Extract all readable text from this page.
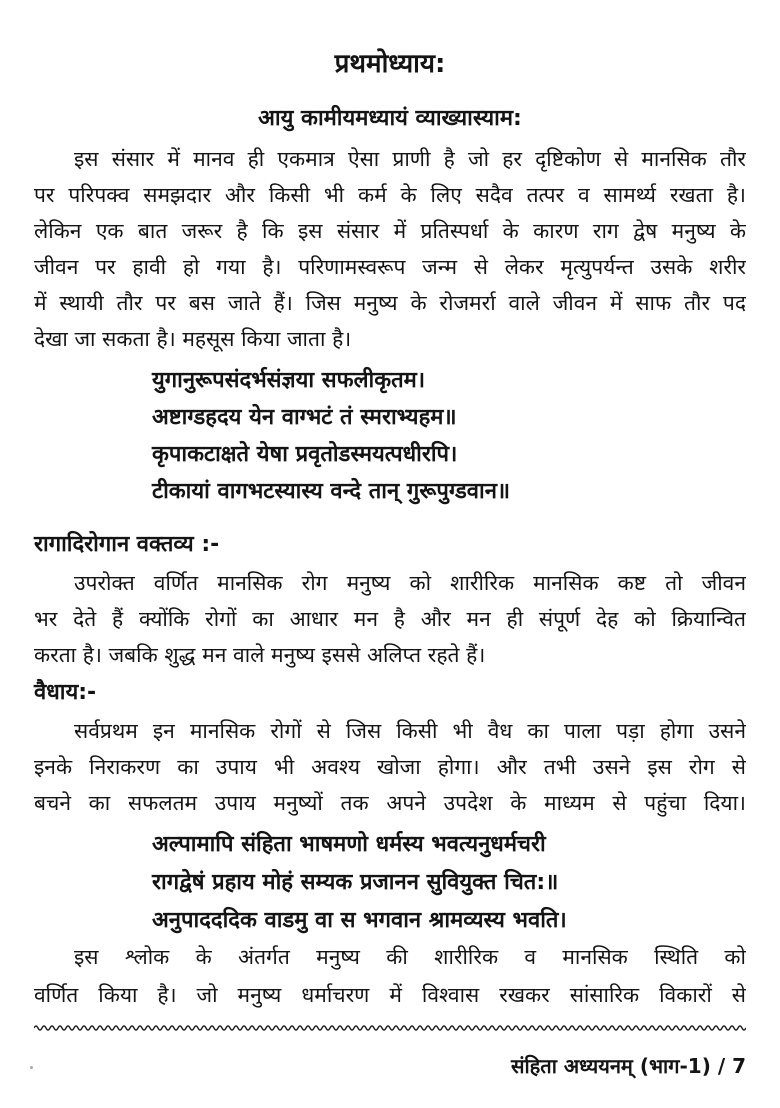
प्रथमोध्याय:
आयु कामीयमध्यायं व्याख्यास्याम:
इस संसार में मानव ही एकमात्र ऐसा प्राणी है जो हर दृष्टिकोण से मानसिक तौर
पर परिपक्व समझदार और किसी भी कर्म के लिए सदैव तत्पर व सामर्थ्य रखता है।
लेकिन एक बात जरूर है कि इस संसार में प्रतिस्पर्धा के कारण राग द्वेष मनुष्य के
जीवन पर हावी हो गया है। परिणामस्वरूप जन्म से लेकर मृत्युपर्यन्त उसके शरीर
में स्थायी तौर पर बस जाते हैं। जिस मनुष्य के रोजमर्रा वाले जीवन में साफ तौर पद
देखा जा सकता है। महसूस किया जाता है।
युगानुरूपसंदर्भसंज्ञया सफलीकृतम।
अष्टाग्डहदय येन वाग्भटं तं स्मराभ्यहम॥
कृपाकटाक्षते येषा प्रवृतोडस्मयत्पधीरपि।
टीकायां वागभटस्यास्य वन्दे तान् गुरूपुग्डवान॥
रागादिरोगान वक्तव्य :-
उपरोक्त वर्णित मानसिक रोग मनुष्य को शारीरिक मानसिक कष्ट तो जीवन
भर देते हैं क्योंकि रोगों का आधार मन है और मन ही संपूर्ण देह को क्रियान्वित
करता है। जबकि शुद्ध मन वाले मनुष्य इससे अलिप्त रहते हैं।
वैधाय:-
सर्वप्रथम इन मानसिक रोगों से जिस किसी भी वैध का पाला पड़ा होगा उसने
इनके निराकरण का उपाय भी अवश्य खोजा होगा। और तभी उसने इस रोग से
बचने का सफलतम उपाय मनुष्यों तक अपने उपदेश के माध्यम से पहुंचा दिया।
अल्पामापि संहिता भाषमणो धर्मस्य भवत्यनुधर्मचरी
रागद्वेषं प्रहाय मोहं सम्यक प्रजानन सुवियुक्त चित:॥
अनुपादददिक वाडमु वा स भगवान श्रामव्यस्य भवति।
इस श्लोक के अंतर्गत मनुष्य की शारीरिक व मानसिक स्थिति को
वर्णित किया है। जो मनुष्य धर्माचरण में विश्वास रखकर सांसारिक विकारों से
संहिता अध्ययनम् (भाग-1) / 7
